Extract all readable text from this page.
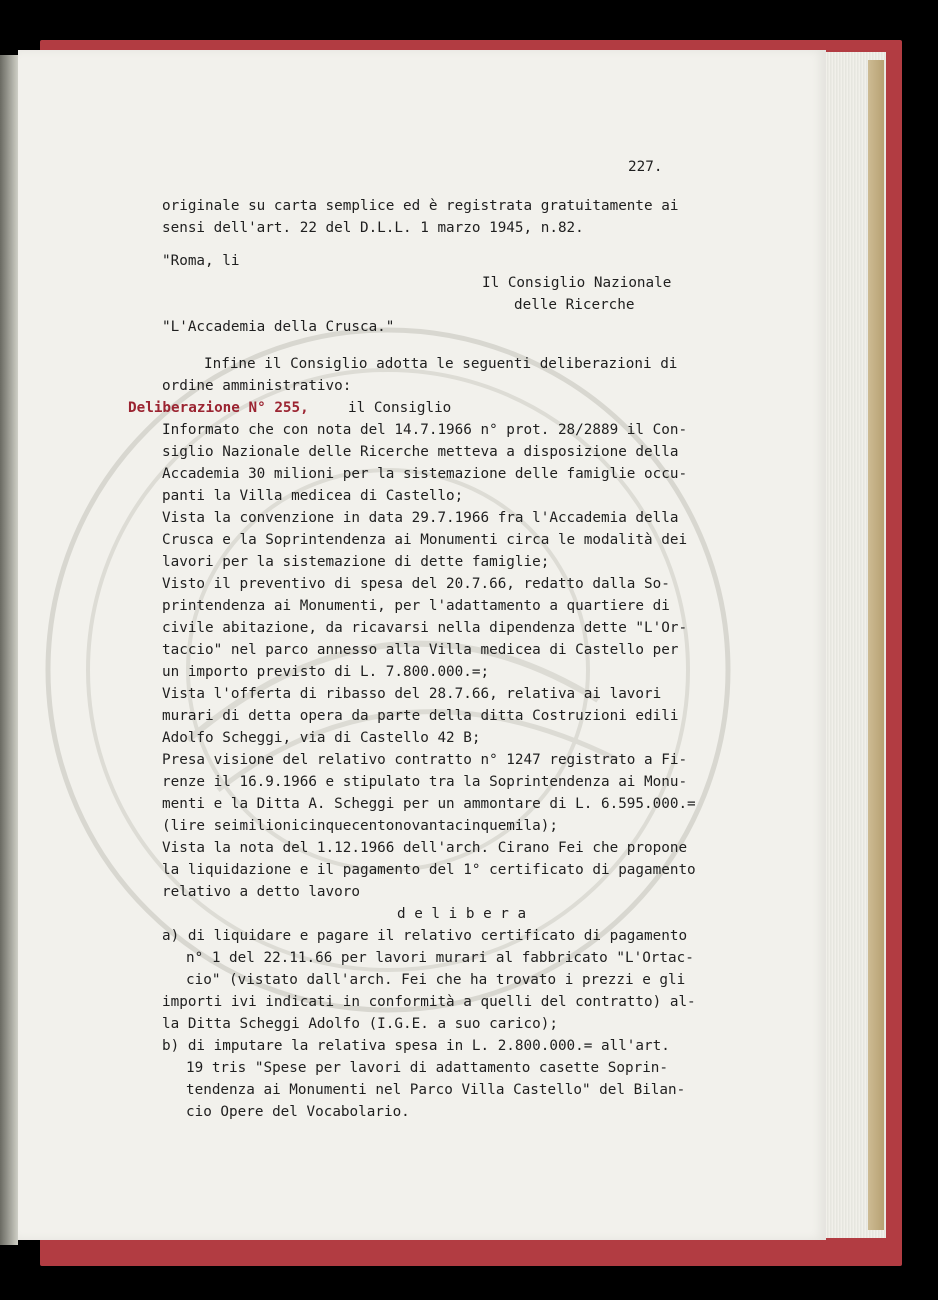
227.
originale su carta semplice ed è registrata gratuitamente ai
sensi dell'art. 22 del D.L.L. 1 marzo 1945, n.82.
"Roma, li
Il Consiglio Nazionale
delle Ricerche
"L'Accademia della Crusca."
Infine il Consiglio adotta le seguenti deliberazioni di
ordine amministrativo:
Informato che con nota del 14.7.1966 n° prot. 28/2889 il Con-
siglio Nazionale delle Ricerche metteva a disposizione della
Accademia 30 milioni per la sistemazione delle famiglie occu-
panti la Villa medicea di Castello;
Vista la convenzione in data 29.7.1966 fra l'Accademia della
Crusca e la Soprintendenza ai Monumenti circa le modalità dei
lavori per la sistemazione di dette famiglie;
Visto il preventivo di spesa del 20.7.66, redatto dalla So-
printendenza ai Monumenti, per l'adattamento a quartiere di
civile abitazione, da ricavarsi nella dipendenza dette "L'Or-
taccio" nel parco annesso alla Villa medicea di Castello per
un importo previsto di L. 7.800.000.=;
Vista l'offerta di ribasso del 28.7.66, relativa ai lavori
murari di detta opera da parte della ditta Costruzioni edili
Adolfo Scheggi, via di Castello 42 B;
Presa visione del relativo contratto n° 1247 registrato a Fi-
renze il 16.9.1966 e stipulato tra la Soprintendenza ai Monu-
menti e la Ditta A. Scheggi per un ammontare di L. 6.595.000.=
(lire seimilionicinquecentonovantacinquemila);
Vista la nota del 1.12.1966 dell'arch. Cirano Fei che propone
la liquidazione e il pagamento del 1° certificato di pagamento
relativo a detto lavoro
d e l i b e r a
a) di liquidare e pagare il relativo certificato di pagamento
n° 1 del 22.11.66 per lavori murari al fabbricato "L'Ortac-
cio" (vistato dall'arch. Fei che ha trovato i prezzi e gli
importi ivi indicati in conformità a quelli del contratto) al-
la Ditta Scheggi Adolfo (I.G.E. a suo carico);
b) di imputare la relativa spesa in L. 2.800.000.= all'art.
19 tris "Spese per lavori di adattamento casette Soprin-
tendenza ai Monumenti nel Parco Villa Castello" del Bilan-
cio Opere del Vocabolario.
Deliberazione N° 255,	il Consiglio
